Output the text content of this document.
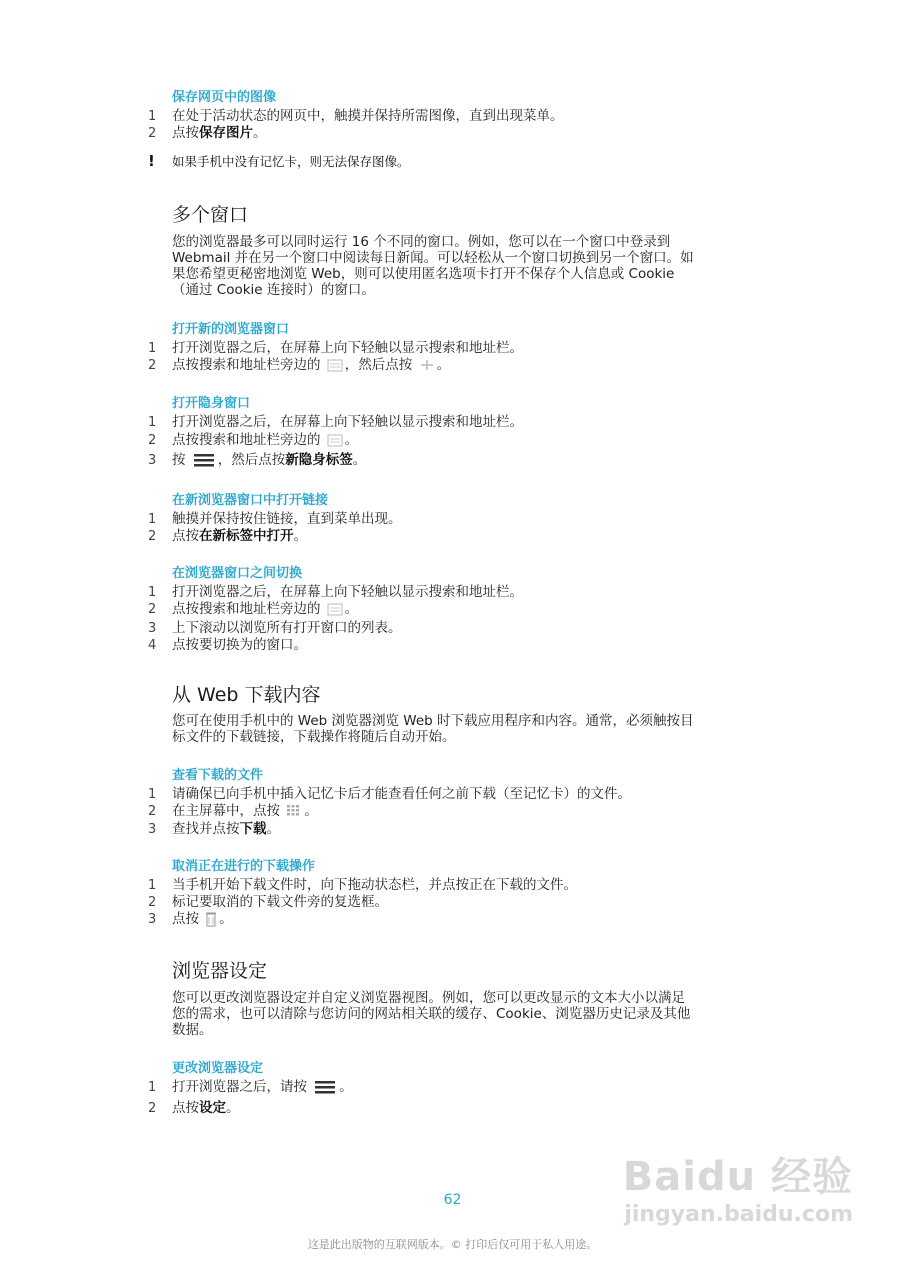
保存网页中的图像
1 在处于活动状态的网页中，触摸并保持所需图像，直到出现菜单。
2 点按保存图片。
! 如果手机中没有记忆卡，则无法保存图像。
多个窗口
您的浏览器最多可以同时运行 16 个不同的窗口。例如，您可以在一个窗口中登录到
Webmail 并在另一个窗口中阅读每日新闻。可以轻松从一个窗口切换到另一个窗口。如
果您希望更秘密地浏览 Web，则可以使用匿名选项卡打开不保存个人信息或 Cookie
（通过 Cookie 连接时）的窗口。
打开新的浏览器窗口
1 打开浏览器之后，在屏幕上向下轻触以显示搜索和地址栏。
2 点按搜索和地址栏旁边的 ，然后点按 。
打开隐身窗口
1 打开浏览器之后，在屏幕上向下轻触以显示搜索和地址栏。
2 点按搜索和地址栏旁边的 。
3 按 ，然后点按新隐身标签。
在新浏览器窗口中打开链接
1 触摸并保持按住链接，直到菜单出现。
2 点按在新标签中打开。
在浏览器窗口之间切换
1 打开浏览器之后，在屏幕上向下轻触以显示搜索和地址栏。
2 点按搜索和地址栏旁边的 。
3 上下滚动以浏览所有打开窗口的列表。
4 点按要切换为的窗口。
从 Web 下载内容
您可在使用手机中的 Web 浏览器浏览 Web 时下载应用程序和内容。通常，必须触按目
标文件的下载链接，下载操作将随后自动开始。
查看下载的文件
1 请确保已向手机中插入记忆卡后才能查看任何之前下载（至记忆卡）的文件。
2 在主屏幕中，点按 。
3 查找并点按下载。
取消正在进行的下载操作
1 当手机开始下载文件时，向下拖动状态栏，并点按正在下载的文件。
2 标记要取消的下载文件旁的复选框。
3 点按 。
浏览器设定
您可以更改浏览器设定并自定义浏览器视图。例如，您可以更改显示的文本大小以满足
您的需求，也可以清除与您访问的网站相关联的缓存、Cookie、浏览器历史记录及其他
数据。
更改浏览器设定
1 打开浏览器之后，请按 。
2 点按设定。
Baidu 经验
jingyan.baidu.com
62
这是此出版物的互联网版本。© 打印后仅可用于私人用途。
